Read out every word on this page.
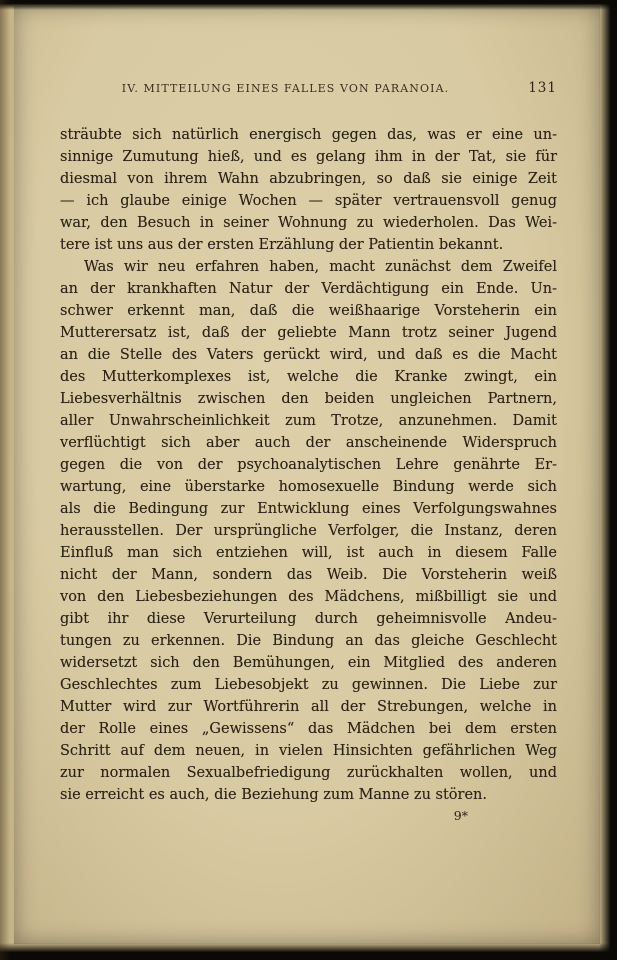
IV. MITTEILUNG EINES FALLES VON PARANOIA.	131
sträubte sich natürlich energisch gegen das, was er eine un-
sinnige Zumutung hieß, und es gelang ihm in der Tat, sie für
diesmal von ihrem Wahn abzubringen, so daß sie einige Zeit
— ich glaube einige Wochen — später vertrauensvoll genug
war, den Besuch in seiner Wohnung zu wiederholen. Das Wei-
tere ist uns aus der ersten Erzählung der Patientin bekannt.
Was wir neu erfahren haben, macht zunächst dem Zweifel
an der krankhaften Natur der Verdächtigung ein Ende. Un-
schwer erkennt man, daß die weißhaarige Vorsteherin ein
Mutterersatz ist, daß der geliebte Mann trotz seiner Jugend
an die Stelle des Vaters gerückt wird, und daß es die Macht
des Mutterkomplexes ist, welche die Kranke zwingt, ein
Liebesverhältnis zwischen den beiden ungleichen Partnern,
aller Unwahrscheinlichkeit zum Trotze, anzunehmen. Damit
verflüchtigt sich aber auch der anscheinende Widerspruch
gegen die von der psychoanalytischen Lehre genährte Er-
wartung, eine überstarke homosexuelle Bindung werde sich
als die Bedingung zur Entwicklung eines Verfolgungswahnes
herausstellen. Der ursprüngliche Verfolger, die Instanz, deren
Einfluß man sich entziehen will, ist auch in diesem Falle
nicht der Mann, sondern das Weib. Die Vorsteherin weiß
von den Liebesbeziehungen des Mädchens, mißbilligt sie und
gibt ihr diese Verurteilung durch geheimnisvolle Andeu-
tungen zu erkennen. Die Bindung an das gleiche Geschlecht
widersetzt sich den Bemühungen, ein Mitglied des anderen
Geschlechtes zum Liebesobjekt zu gewinnen. Die Liebe zur
Mutter wird zur Wortführerin all der Strebungen, welche in
der Rolle eines „Gewissens“ das Mädchen bei dem ersten
Schritt auf dem neuen, in vielen Hinsichten gefährlichen Weg
zur normalen Sexualbefriedigung zurückhalten wollen, und
sie erreicht es auch, die Beziehung zum Manne zu stören.
9*
